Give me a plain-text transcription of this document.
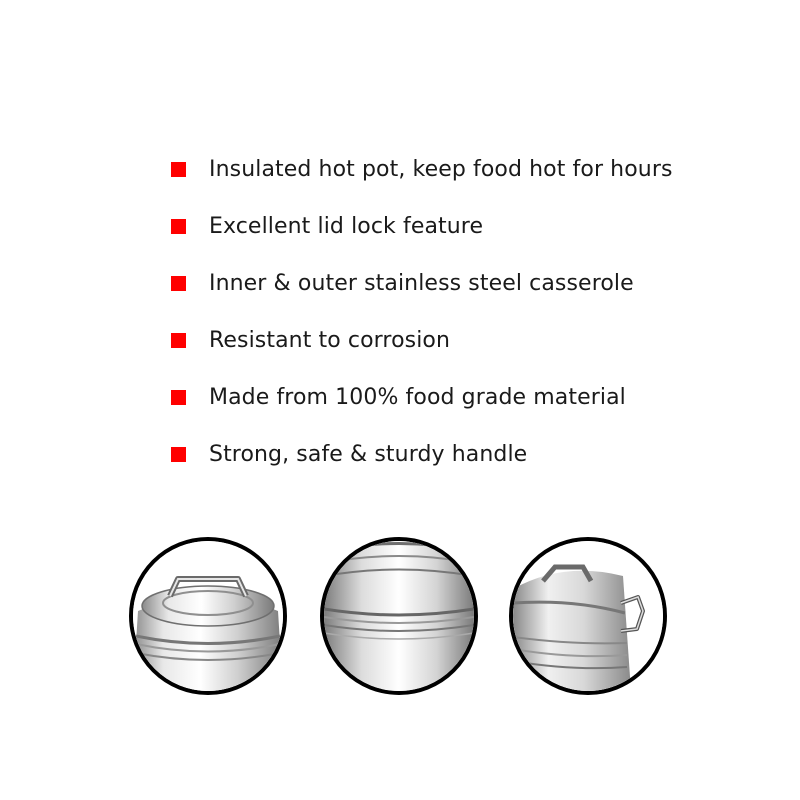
Insulated hot pot, keep food hot for hours
Excellent lid lock feature
Inner & outer stainless steel casserole
Resistant to corrosion
Made from 100% food grade material
Strong, safe & sturdy handle
